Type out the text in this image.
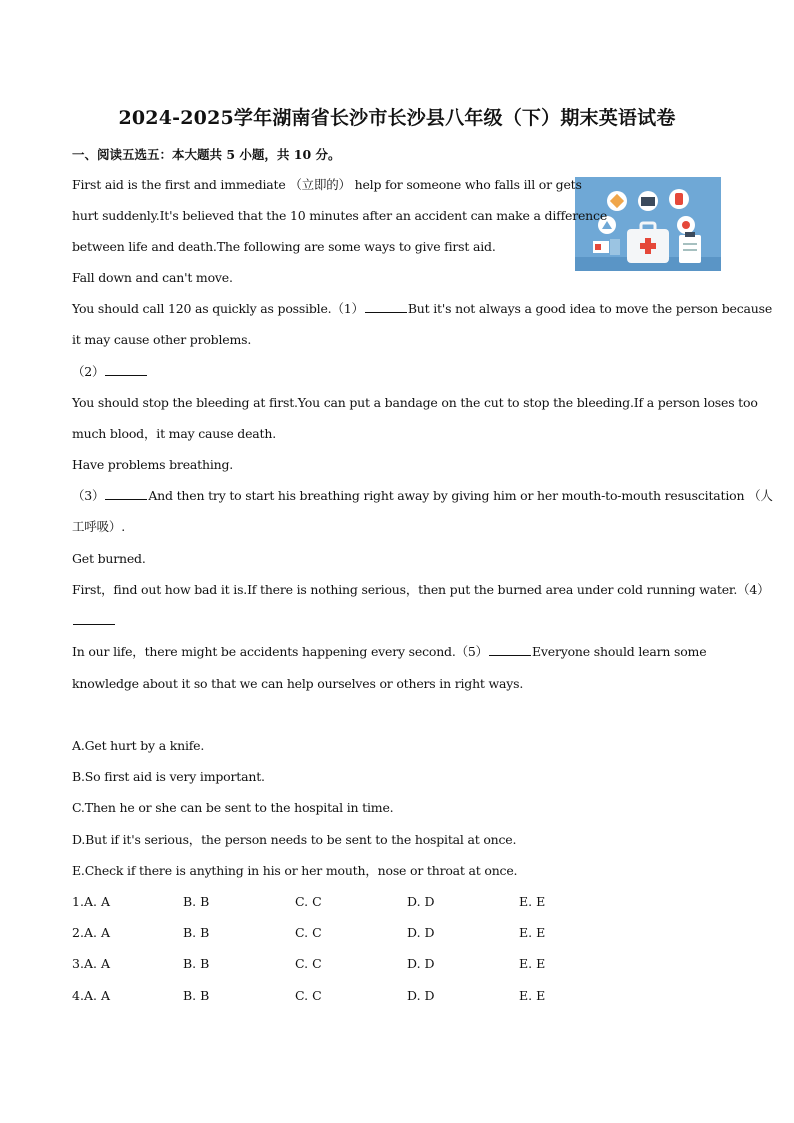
2024-2025学年湖南省长沙市长沙县八年级（下）期末英语试卷
一、阅读五选五：本大题共 5 小题，共 10 分。
First aid is the first and immediate （立即的） help for someone who falls ill or gets
hurt suddenly.It's believed that the 10 minutes after an accident can make a difference
between life and death.The following are some ways to give first aid.
Fall down and can't move.
You should call 120 as quickly as possible.（1）	But it's not always a good idea to move the person because
it may cause other problems.
（2）
You should stop the bleeding at first.You can put a bandage on the cut to stop the bleeding.If a person loses too
much blood，it may cause death.
Have problems breathing.
（3）	And then try to start his breathing right away by giving him or her mouth-to-mouth resuscitation （人
工呼吸）.
Get burned.
First，find out how bad it is.If there is nothing serious，then put the burned area under cold running water.（4）
In our life，there might be accidents happening every second.（5）	Everyone should learn some
knowledge about it so that we can help ourselves or others in right ways.
A.Get hurt by a knife.
B.So first aid is very important.
C.Then he or she can be sent to the hospital in time.
D.But if it's serious，the person needs to be sent to the hospital at once.
E.Check if there is anything in his or her mouth，nose or throat at once.
1. A. A	B. B	C. C	D. D	E. E
2. A. A	B. B	C. C	D. D	E. E
3. A. A	B. B	C. C	D. D	E. E
4. A. A	B. B	C. C	D. D	E. E
